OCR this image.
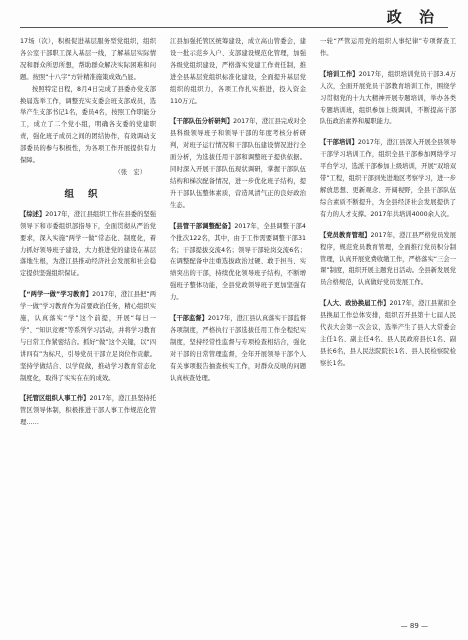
政 治

17场（次），积极促进基层服务型党组织，组织各公室干部职工深入基层一线，了解基层实际情况和群众所思所想，帮助群众解决实际困难和问题。按照“十八字”方针精准施策成效凸显。

按照特定日程，8月4日完成了县委办党支部换届选举工作，调整充实支委会班支部成员，选举产生支部书记1名，委员4名，按照工作职能分工，成立了二个党小组，明确各支委的党建职责，强化班子成员之间的团结协作，有效调动支部委员的参与积极性，为各项工作开展提供有力保障。

（张　宏）

组织

【综述】2017年，澄江县组织工作在县委的坚强领导下和市委组织部指导下，全面贯彻从严治党要求，深入实施“两学一做”常态化、制度化，着力抓好领导班子建设，大力推进党的建设在基层落地生根，为澄江县推动经济社会发展和社会稳定提供坚强组织保证。

【“两学一做”学习教育】2017年，澄江县把“两学一做”学习教育作为首要政治任务，精心组织实施，认真落实“学”这个前提，开展“每日一学”、“知识竞赛”等系列学习活动，并将学习教育与日常工作紧密结合。抓好“做”这个关键，以“四讲四有”为标尺，引导党员干部立足岗位作贡献。坚持学做结合、以学促做，推动学习教育常态化制度化，取得了实实在在的成效。

【托管区组织人事工作】2017年，澄江县坚持托管区领导体制，积极推进干部人事工作规范化管理……

江县加强托管区统筹建设，成立高山管委会，建设一批示范乡入户、支部建设规范化管理，加强各级党组织建设，严格落实党建工作责任制，推进全县基层党组织标准化建设，全面提升基层党组织的组织力，各项工作扎实推进，投入资金110万元。

【干部队伍分析研判】2017年，澄江县完成对全县科级领导班子和领导干部的年度考核分析研判，对班子运行情况和干部队伍建设情况进行全面分析，为选拔任用干部和调整班子提供依据。同时深入开展干部队伍现状调研，掌握干部队伍结构和梯次配备情况，进一步优化班子结构，提升干部队伍整体素质，营造风清气正的良好政治生态。

【县管干部调整配备】2017年，全县调整干部4个批次122名，其中，由于工作需要调整干部31名；干部提拔交流4名；领导干部轮岗交流6名；在调整配备中注重选拔政治过硬、敢于担当、实绩突出的干部，持续优化领导班子结构，不断增强班子整体功能，全县党政领导班子更加坚强有力。

【干部监督】2017年，澄江县认真落实干部监督各项制度，严格执行干部选拔任用工作全程纪实制度，坚持经常性监督与专项检查相结合，强化对干部的日常管理监督，全年开展领导干部个人有关事项报告抽查核实工作，对群众反映的问题认真核查处理。

一轮“严管运用党的组织人事纪律”专项督查工作。

【培训工作】2017年，组织培训党员干部3.4万人次，全面开展党员干部教育培训工作，围绕学习贯彻党的十九大精神开展专题培训，举办各类专题培训班，组织参加上级调训，不断提高干部队伍政治素养和履职能力。

【干部培训】2017年，澄江县深入开展全县领导干部学习培训工作，组织全县干部参加网络学习平台学习，选派干部参加上级培训，开展“双培双带”工程，组织干部到先进地区考察学习，进一步解放思想、更新观念、开阔视野，全县干部队伍综合素质不断提升，为全县经济社会发展提供了有力的人才支撑。2017年共培训4000余人次。

【党员教育管理】2017年，澄江县严格党员发展程序，规范党员教育管理，全面推行党员积分制管理，认真开展党费收缴工作，严格落实“三会一课”制度，组织开展主题党日活动。全县新发展党员合格规范，认真做好党员发展工作。

【人大、政协换届工作】2017年，澄江县紧扣全县换届工作总体安排，组织召开县第十七届人民代表大会第一次会议，选举产生了县人大常委会主任1名、副主任4名、县人民政府县长1名、副县长6名，县人民法院院长1名、县人民检察院检察长1名。

— 89 —
